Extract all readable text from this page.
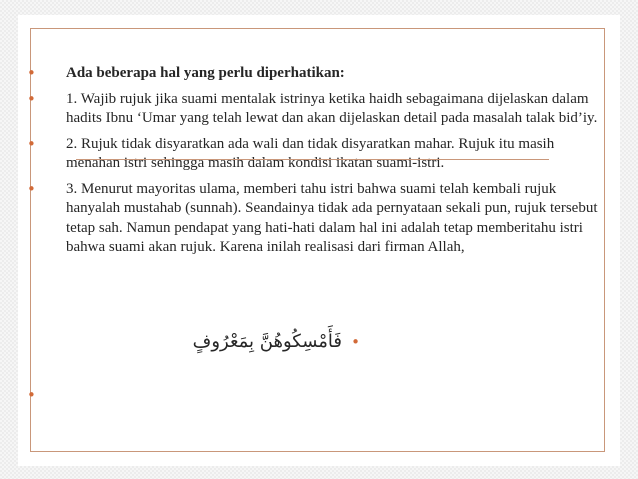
• Ada beberapa hal yang perlu diperhatikan:
• 1. Wajib rujuk jika suami mentalak istrinya ketika haidh sebagaimana dijelaskan dalam hadits Ibnu ‘Umar yang telah lewat dan akan dijelaskan detail pada masalah talak bid’iy.
• 2. Rujuk tidak disyaratkan ada wali dan tidak disyaratkan mahar. Rujuk itu masih menahan istri sehingga masih dalam kondisi ikatan suami-istri.
• 3. Menurut mayoritas ulama, memberi tahu istri bahwa suami telah kembali rujuk hanyalah mustahab (sunnah). Seandainya tidak ada pernyataan sekali pun, rujuk tersebut tetap sah. Namun pendapat yang hati-hati dalam hal ini adalah tetap memberitahu istri bahwa suami akan rujuk. Karena inilah realisasi dari firman Allah,
فَأَمْسِكُوهُنَّ بِمَعْرُوفٍ •
•
